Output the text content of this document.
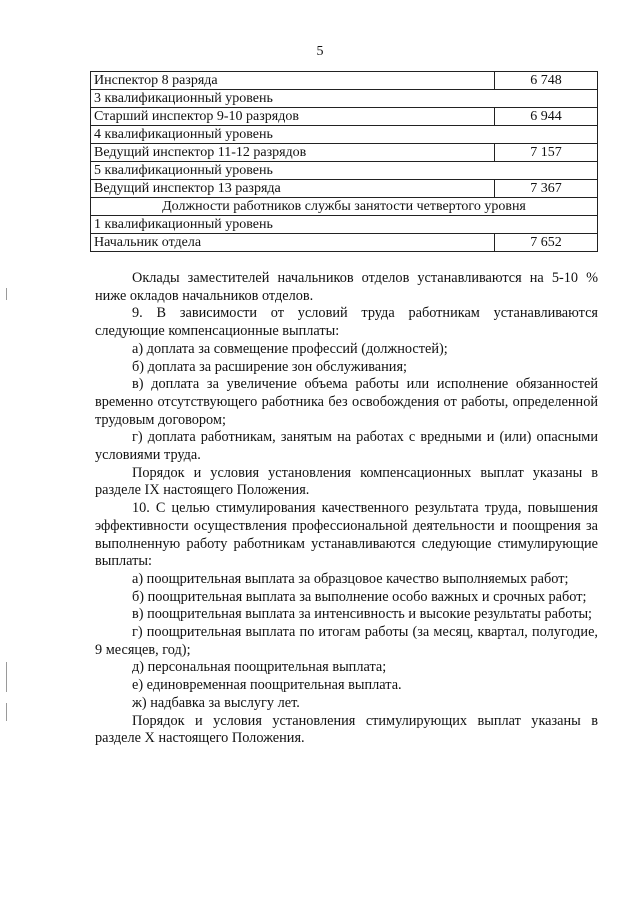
5
Инспектор 8 разряда	6 748
3 квалификационный уровень	
Старший инспектор 9-10 разрядов	6 944
4 квалификационный уровень	
Ведущий инспектор 11-12 разрядов	7 157
5 квалификационный уровень	
Ведущий инспектор 13 разряда	7 367
Должности работников службы занятости четвертого уровня	
1 квалификационный уровень	
Начальник отдела	7 652

Оклады заместителей начальников отделов устанавливаются на 5-10 % ниже окладов начальников отделов.

9. В зависимости от условий труда работникам устанавливаются следующие компенсационные выплаты:

а) доплата за совмещение профессий (должностей);

б) доплата за расширение зон обслуживания;

в) доплата за увеличение объема работы или исполнение обязанностей временно отсутствующего работника без освобождения от работы, определенной трудовым договором;

г) доплата работникам, занятым на работах с вредными и (или) опасными условиями труда.

Порядок и условия установления компенсационных выплат указаны в разделе IX настоящего Положения.

10. С целью стимулирования качественного результата труда, повышения эффективности осуществления профессиональной деятельности и поощрения за выполненную работу работникам устанавливаются следующие стимулирующие выплаты:

а) поощрительная выплата за образцовое качество выполняемых работ;

б) поощрительная выплата за выполнение особо важных и срочных работ;

в) поощрительная выплата за интенсивность и высокие результаты работы;

г) поощрительная выплата по итогам работы (за месяц, квартал, полугодие, 9 месяцев, год);

д) персональная поощрительная выплата;

е) единовременная поощрительная выплата.

ж) надбавка за выслугу лет.

Порядок и условия установления стимулирующих выплат указаны в разделе X настоящего Положения.
